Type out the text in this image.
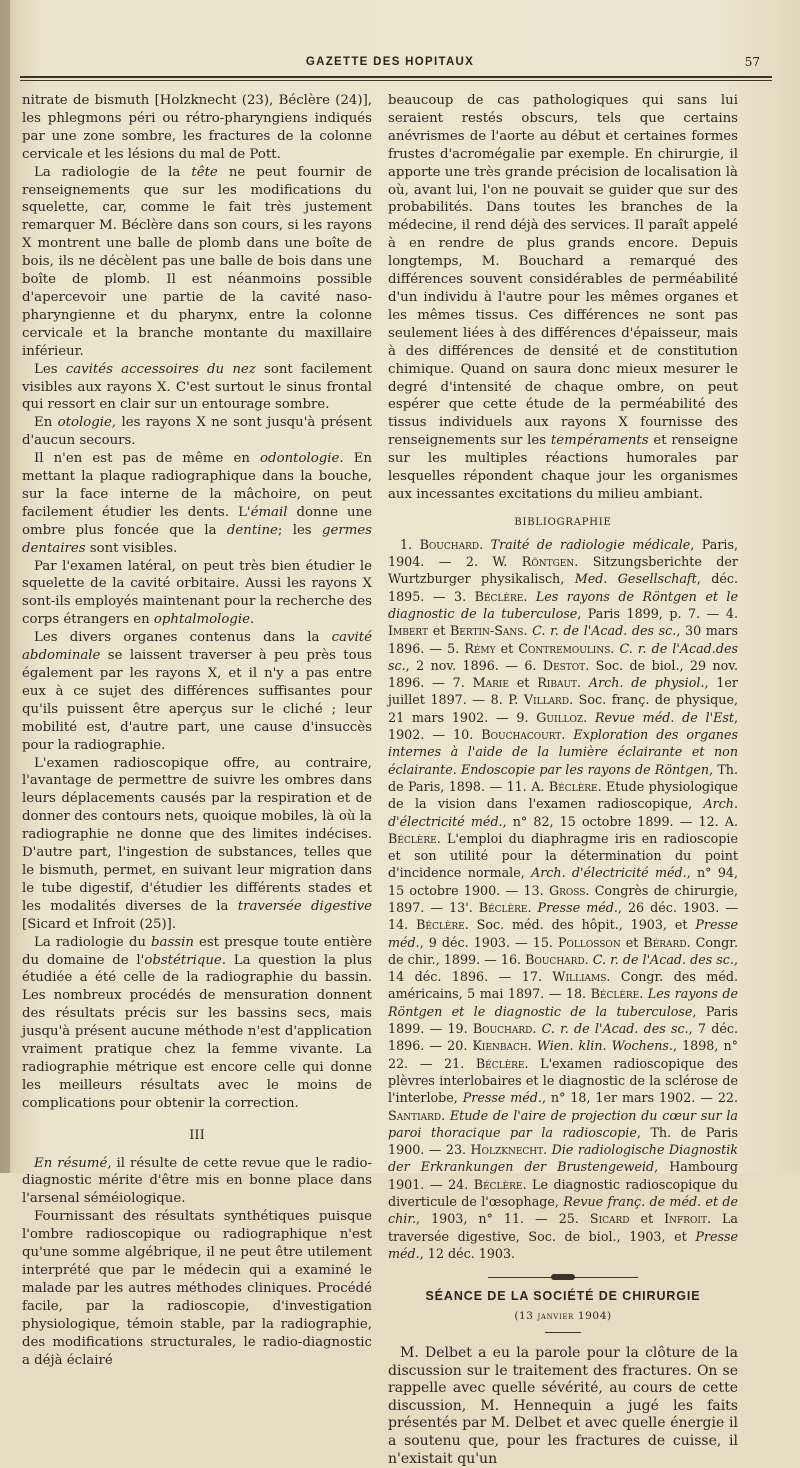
GAZETTE DES HOPITAUX	57

nitrate de bismuth [Holzknecht (23), Béclère (24)], les phlegmons péri ou rétro-pharyngiens indiqués par une zone sombre, les fractures de la colonne cervicale et les lésions du mal de Pott.

La radiologie de la tête ne peut fournir de renseignements que sur les modifications du squelette, car, comme le fait très justement remarquer M. Béclère dans son cours, si les rayons X montrent une balle de plomb dans une boîte de bois, ils ne décèlent pas une balle de bois dans une boîte de plomb. Il est néanmoins possible d'apercevoir une partie de la cavité naso-pharyngienne et du pharynx, entre la colonne cervicale et la branche montante du maxillaire inférieur.

Les cavités accessoires du nez sont facilement visibles aux rayons X. C'est surtout le sinus frontal qui ressort en clair sur un entourage sombre.

En otologie, les rayons X ne sont jusqu'à présent d'aucun secours.

Il n'en est pas de même en odontologie. En mettant la plaque radiographique dans la bouche, sur la face interne de la mâchoire, on peut facilement étudier les dents. L'émail donne une ombre plus foncée que la dentine; les germes dentaires sont visibles.

Par l'examen latéral, on peut très bien étudier le squelette de la cavité orbitaire. Aussi les rayons X sont-ils employés maintenant pour la recherche des corps étrangers en ophtalmologie.

Les divers organes contenus dans la cavité abdominale se laissent traverser à peu près tous également par les rayons X, et il n'y a pas entre eux à ce sujet des différences suffisantes pour qu'ils puissent être aperçus sur le cliché ; leur mobilité est, d'autre part, une cause d'insuccès pour la radiographie.

L'examen radioscopique offre, au contraire, l'avantage de permettre de suivre les ombres dans leurs déplacements causés par la respiration et de donner des contours nets, quoique mobiles, là où la radiographie ne donne que des limites indécises. D'autre part, l'ingestion de substances, telles que le bismuth, permet, en suivant leur migration dans le tube digestif, d'étudier les différents stades et les modalités diverses de la traversée digestive [Sicard et Infroit (25)].

La radiologie du bassin est presque toute entière du domaine de l'obstétrique. La question la plus étudiée a été celle de la radiographie du bassin. Les nombreux procédés de mensuration donnent des résultats précis sur les bassins secs, mais jusqu'à présent aucune méthode n'est d'application vraiment pratique chez la femme vivante. La radiographie métrique est encore celle qui donne les meilleurs résultats avec le moins de complications pour obtenir la correction.

III

En résumé, il résulte de cette revue que le radio-diagnostic mérite d'être mis en bonne place dans l'arsenal séméiologique.

Fournissant des résultats synthétiques puisque l'ombre radioscopique ou radiographique n'est qu'une somme algébrique, il ne peut être utilement interprété que par le médecin qui a examiné le malade par les autres méthodes cliniques. Procédé facile, par la radioscopie, d'investigation physiologique, témoin stable, par la radiographie, des modifications structurales, le radio-diagnostic a déjà éclairé

beaucoup de cas pathologiques qui sans lui seraient restés obscurs, tels que certains anévrismes de l'aorte au début et certaines formes frustes d'acromégalie par exemple. En chirurgie, il apporte une très grande précision de localisation là où, avant lui, l'on ne pouvait se guider que sur des probabilités. Dans toutes les branches de la médecine, il rend déjà des services. Il paraît appelé à en rendre de plus grands encore. Depuis longtemps, M. Bouchard a remarqué des différences souvent considérables de perméabilité d'un individu à l'autre pour les mêmes organes et les mêmes tissus. Ces différences ne sont pas seulement liées à des différences d'épaisseur, mais à des différences de densité et de constitution chimique. Quand on saura donc mieux mesurer le degré d'intensité de chaque ombre, on peut espérer que cette étude de la perméabilité des tissus individuels aux rayons X fournisse des renseignements sur les tempéraments et renseigne sur les multiples réactions humorales par lesquelles répondent chaque jour les organismes aux incessantes excitations du milieu ambiant.

BIBLIOGRAPHIE

1. Bouchard. Traité de radiologie médicale, Paris, 1904. — 2. W. Röntgen. Sitzungsberichte der Wurtzburger physikalisch, Med. Gesellschaft, déc. 1895. — 3. Béclère. Les rayons de Röntgen et le diagnostic de la tuberculose, Paris 1899, p. 7. — 4. Imbert et Bertin-Sans. C. r. de l'Acad. des sc., 30 mars 1896. — 5. Rémy et Contremoulins. C. r. de l'Acad.des sc., 2 nov. 1896. — 6. Destot. Soc. de biol., 29 nov. 1896. — 7. Marie et Ribaut. Arch. de physiol., 1er juillet 1897. — 8. P. Villard. Soc. franç. de physique, 21 mars 1902. — 9. Guilloz. Revue méd. de l'Est, 1902. — 10. Bouchacourt. Exploration des organes internes à l'aide de la lumière éclairante et non éclairante. Endoscopie par les rayons de Röntgen, Th. de Paris, 1898. — 11. A. Béclère. Etude physiologique de la vision dans l'examen radioscopique, Arch. d'électricité méd., n° 82, 15 octobre 1899. — 12. A. Béclère. L'emploi du diaphragme iris en radioscopie et son utilité pour la détermination du point d'incidence normale, Arch. d'électricité méd., n° 94, 15 octobre 1900. — 13. Gross. Congrès de chirurgie, 1897. — 13'. Béclère. Presse méd., 26 déc. 1903. — 14. Béclère. Soc. méd. des hôpit., 1903, et Presse méd., 9 déc. 1903. — 15. Pollosson et Bérard. Congr. de chir., 1899. — 16. Bouchard. C. r. de l'Acad. des sc., 14 déc. 1896. — 17. Williams. Congr. des méd. américains, 5 mai 1897. — 18. Béclère. Les rayons de Röntgen et le diagnostic de la tuberculose, Paris 1899. — 19. Bouchard. C. r. de l'Acad. des sc., 7 déc. 1896. — 20. Kienbach. Wien. klin. Wochens., 1898, n° 22. — 21. Béclère. L'examen radioscopique des plèvres interlobaires et le diagnostic de la sclérose de l'interlobe, Presse méd., n° 18, 1er mars 1902. — 22. Santiard. Etude de l'aire de projection du cœur sur la paroi thoracique par la radioscopie, Th. de Paris 1900. — 23. Holzknecht. Die radiologische Diagnostik der Erkrankungen der Brustengeweid, Hambourg 1901. — 24. Béclère. Le diagnostic radioscopique du diverticule de l'œsophage, Revue franç. de méd. et de chir., 1903, n° 11. — 25. Sicard et Infroit. La traversée digestive, Soc. de biol., 1903, et Presse méd., 12 déc. 1903.

SÉANCE DE LA SOCIÉTÉ DE CHIRURGIE
(13 janvier 1904)

M. Delbet a eu la parole pour la clôture de la discussion sur le traitement des fractures. On se rappelle avec quelle sévérité, au cours de cette discussion, M. Hennequin a jugé les faits présentés par M. Delbet et avec quelle énergie il a soutenu que, pour les fractures de cuisse, il n'existait qu'un
